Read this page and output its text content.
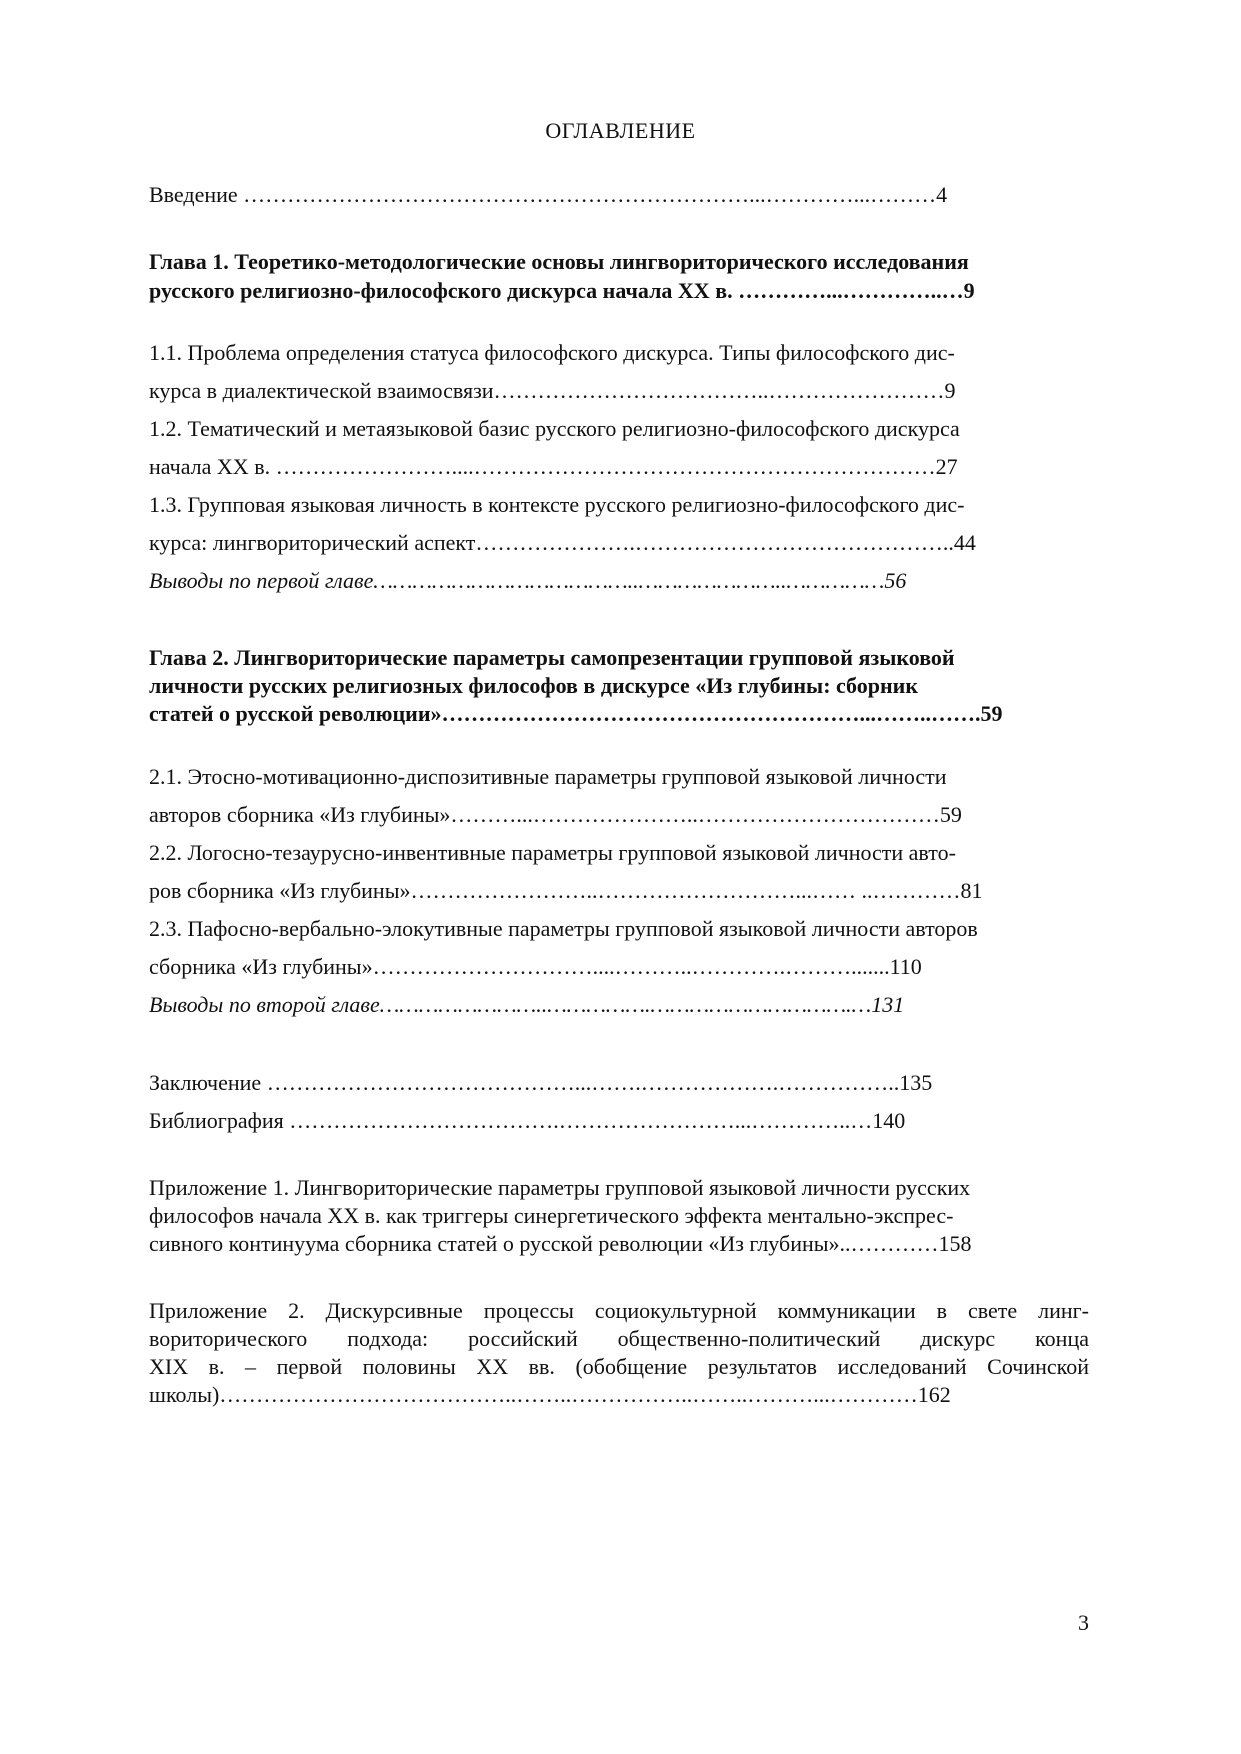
ОГЛАВЛЕНИЕ
Введение ……………………………………………………………...…………...………4
Глава 1. Теоретико-методологические основы лингвориторического исследования
русского религиозно-философского дискурса начала ХХ в. …………...…………..…9
1.1. Проблема определения статуса философского дискурса. Типы философского дис-
курса в диалектической взаимосвязи………………………………..……………………9
1.2. Тематический и метаязыковой базис русского религиозно-философского дискурса
начала ХХ в. ……………………....………………………………………………………27
1.3. Групповая языковая личность в контексте русского религиозно-философского дис-
курса: лингвориторический аспект………………….……………………………………..44
Выводы по первой главе…………………………………..…………………..……………56
Глава 2. Лингвориторические параметры самопрезентации групповой языковой
личности русских религиозных философов в дискурсе «Из глубины: сборник
статей о русской революции»…………………………………………………...……..…….59
2.1. Этосно-мотивационно-диспозитивные параметры групповой языковой личности
авторов сборника «Из глубины»………...…………………..……………………………59
2.2. Логосно-тезаурусно-инвентивные параметры групповой языковой личности авто-
ров сборника «Из глубины»……………………..………………………...…… ..…………81
2.3. Пафосно-вербально-элокутивные параметры групповой языковой личности авторов
сборника «Из глубины»…………………………....………..………….……….......110
Выводы по второй главе……………………..…………….………………………….…131
Заключение ……………………………………...…….……………….……………..135
Библиография ……………………………….……………………...…………..…140
Приложение 1. Лингвориторические параметры групповой языковой личности русских
философов начала ХХ в. как триггеры синергетического эффекта ментально-экспрес-
сивного континуума сборника статей о русской революции «Из глубины»..…………158
Приложение 2. Дискурсивные процессы социокультурной коммуникации в свете линг-
вориторического подхода: российский общественно-политический дискурс конца
XIX в. – первой половины ХХ вв. (обобщение результатов исследований Сочинской
школы)…………………………………..……..……………..……..………...…………162
3
